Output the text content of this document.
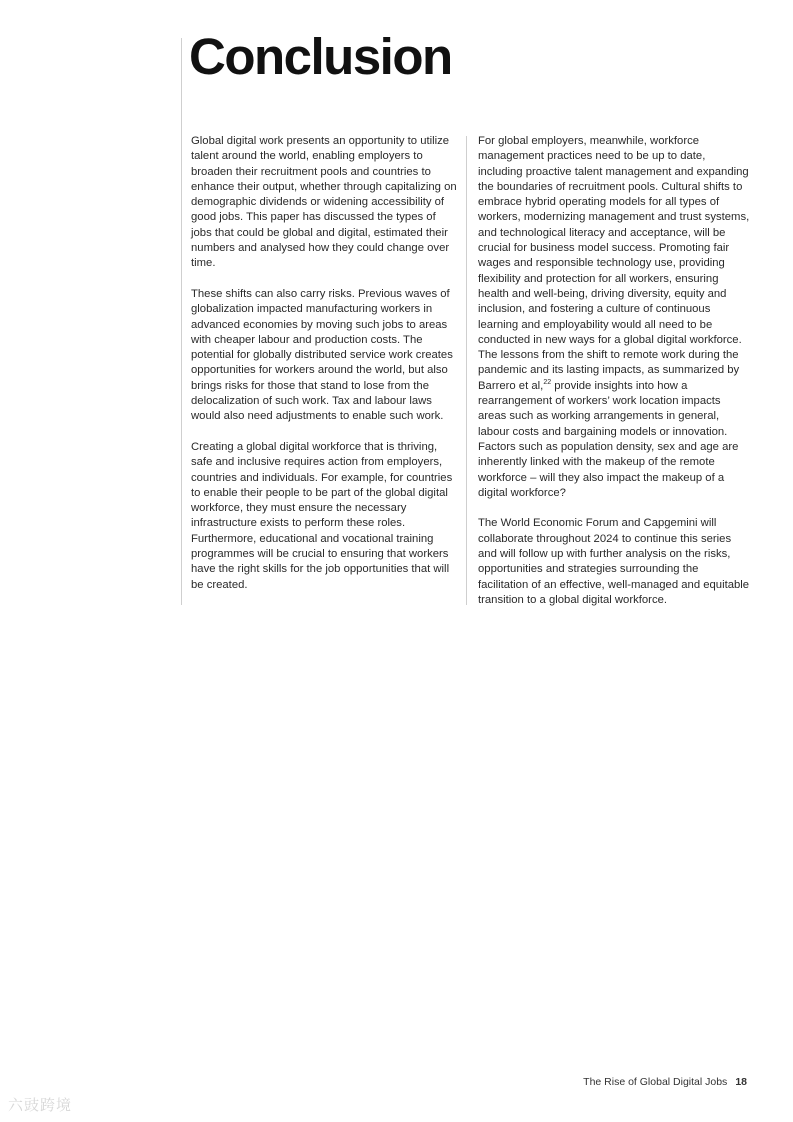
Conclusion

Global digital work presents an opportunity to utilize talent around the world, enabling employers to broaden their recruitment pools and countries to enhance their output, whether through capitalizing on demographic dividends or widening accessibility of good jobs. This paper has discussed the types of jobs that could be global and digital, estimated their numbers and analysed how they could change over time.

These shifts can also carry risks. Previous waves of globalization impacted manufacturing workers in advanced economies by moving such jobs to areas with cheaper labour and production costs. The potential for globally distributed service work creates opportunities for workers around the world, but also brings risks for those that stand to lose from the delocalization of such work. Tax and labour laws would also need adjustments to enable such work.

Creating a global digital workforce that is thriving, safe and inclusive requires action from employers, countries and individuals. For example, for countries to enable their people to be part of the global digital workforce, they must ensure the necessary infrastructure exists to perform these roles. Furthermore, educational and vocational training programmes will be crucial to ensuring that workers have the right skills for the job opportunities that will be created.

For global employers, meanwhile, workforce management practices need to be up to date, including proactive talent management and expanding the boundaries of recruitment pools. Cultural shifts to embrace hybrid operating models for all types of workers, modernizing management and trust systems, and technological literacy and acceptance, will be crucial for business model success. Promoting fair wages and responsible technology use, providing flexibility and protection for all workers, ensuring health and well-being, driving diversity, equity and inclusion, and fostering a culture of continuous learning and employability would all need to be conducted in new ways for a global digital workforce. The lessons from the shift to remote work during the pandemic and its lasting impacts, as summarized by Barrero et al,$^{22}$ provide insights into how a rearrangement of workers’ work location impacts areas such as working arrangements in general, labour costs and bargaining models or innovation. Factors such as population density, sex and age are inherently linked with the makeup of the remote workforce – will they also impact the makeup of a digital workforce?

The World Economic Forum and Capgemini will collaborate throughout 2024 to continue this series and will follow up with further analysis on the risks, opportunities and strategies surrounding the facilitation of an effective, well-managed and equitable transition to a global digital workforce.

The Rise of Global Digital Jobs 18
六豉跨境
